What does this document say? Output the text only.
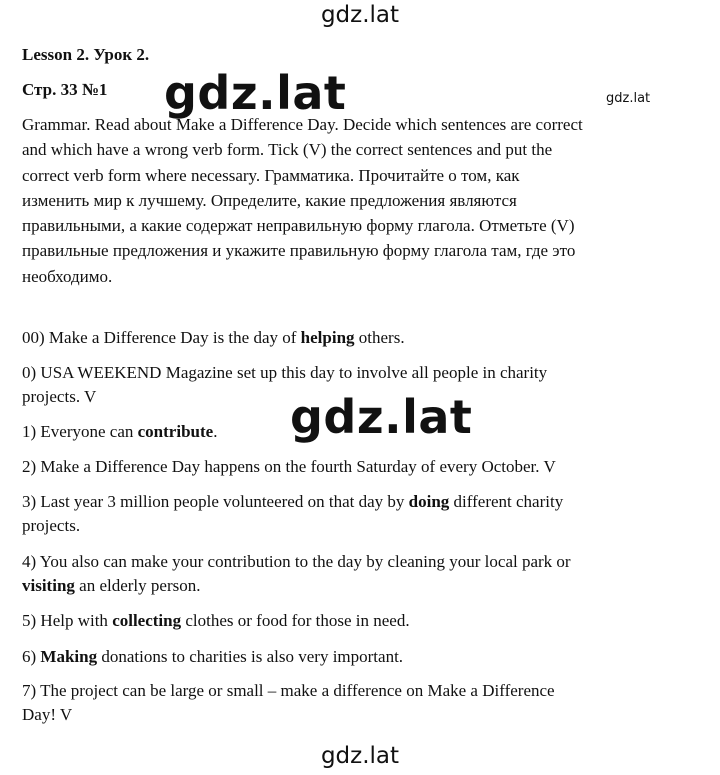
gdz.lat
Lesson 2. Урок 2.
Стр. 33 №1 gdz.lat	gdz.lat
Grammar. Read about Make a Difference Day. Decide which sentences are correct
and which have a wrong verb form. Tick (V) the correct sentences and put the
correct verb form where necessary. Грамматика. Прочитайте о том, как
изменить мир к лучшему. Определите, какие предложения являются
правильными, а какие содержат неправильную форму глагола. Отметьте (V)
правильные предложения и укажите правильную форму глагола там, где это
необходимо.
00) Make a Difference Day is the day of helping others.
0) USA WEEKEND Magazine set up this day to involve all people in charity
projects. V
1) Everyone can contribute.
2) Make a Difference Day happens on the fourth Saturday of every October. V
3) Last year 3 million people volunteered on that day by doing different charity
projects.
4) You also can make your contribution to the day by cleaning your local park or
visiting an elderly person.
5) Help with collecting clothes or food for those in need.
6) Making donations to charities is also very important.
7) The project can be large or small – make a difference on Make a Difference
Day! V
gdz.lat
gdz.lat
